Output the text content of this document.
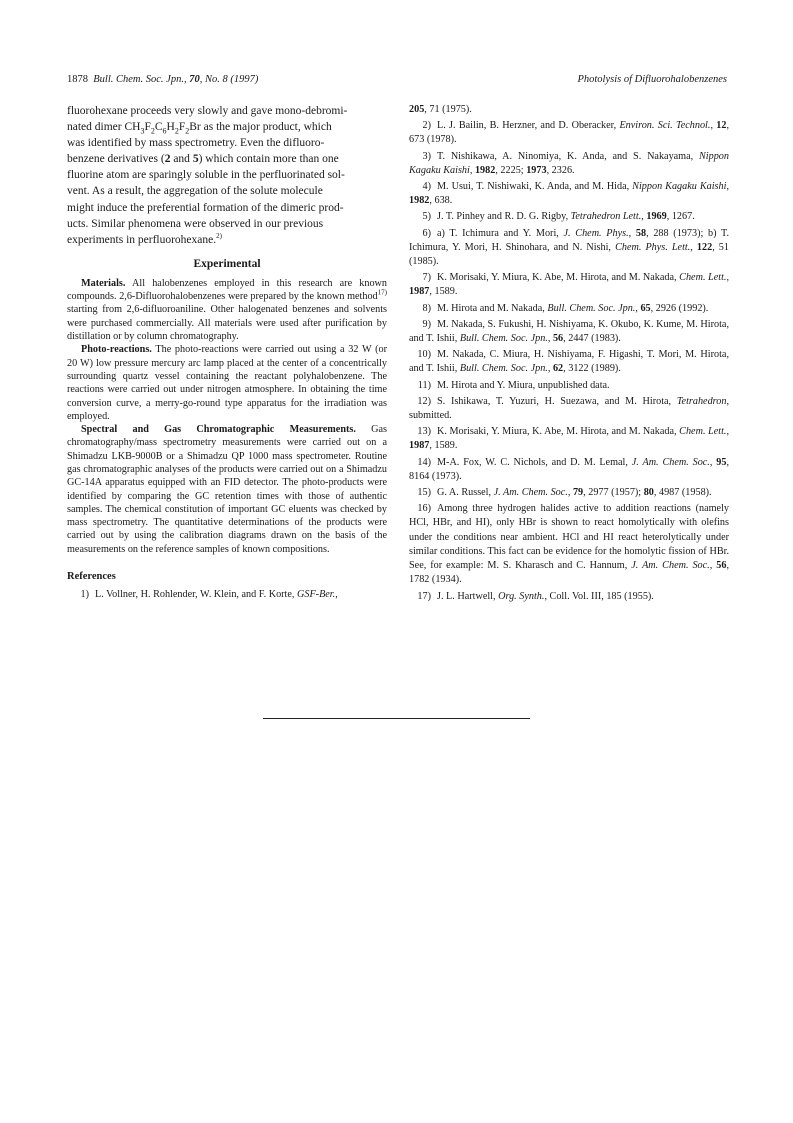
1878 Bull. Chem. Soc. Jpn., 70, No. 8 (1997)	Photolysis of Difluorohalobenzenes

fluorohexane proceeds very slowly and gave mono-debromi-
nated dimer $CH_3F_2C_6H_2F_2Br$ as the major product, which
was identified by mass spectrometry. Even the difluoro-
benzene derivatives (2 and 5) which contain more than one
fluorine atom are sparingly soluble in the perfluorinated sol-
vent. As a result, the aggregation of the solute molecule
might induce the preferential formation of the dimeric prod-
ucts. Similar phenomena were observed in our previous
experiments in perfluorohexane.$^{2)}$

Experimental

Materials. All halobenzenes employed in this research are known compounds. 2,6-Difluorohalobenzenes were prepared by the known method$^{17)}$ starting from 2,6-difluoroaniline. Other halogenated benzenes and solvents were purchased commercially. All materials were used after purification by distillation or by column chromatography.

Photo-reactions. The photo-reactions were carried out using a 32 W (or 20 W) low pressure mercury arc lamp placed at the center of a concentrically surrounding quartz vessel containing the reactant polyhalobenzene. The reactions were carried out under nitrogen atmosphere. In obtaining the time conversion curve, a merry-go-round type apparatus for the irradiation was employed.

Spectral and Gas Chromatographic Measurements. Gas chromatography/mass spectrometry measurements were carried out on a Shimadzu LKB-9000B or a Shimadzu QP 1000 mass spectrometer. Routine gas chromatographic analyses of the products were carried out on a Shimadzu GC-14A apparatus equipped with an FID detector. The photo-products were identified by comparing the GC retention times with those of authentic samples. The chemical constitution of important GC eluents was checked by mass spectrometry. The quantitative determinations of the products were carried out by using the calibration diagrams drawn on the basis of the measurements on the reference samples of known compositions.

References

1) L. Vollner, H. Rohlender, W. Klein, and F. Korte, GSF-Ber.,

205, 71 (1975).

2) L. J. Bailin, B. Herzner, and D. Oberacker, Environ. Sci. Technol., 12, 673 (1978).

3) T. Nishikawa, A. Ninomiya, K. Anda, and S. Nakayama, Nippon Kagaku Kaishi, 1982, 2225; 1973, 2326.

4) M. Usui, T. Nishiwaki, K. Anda, and M. Hida, Nippon Kagaku Kaishi, 1982, 638.

5) J. T. Pinhey and R. D. G. Rigby, Tetrahedron Lett., 1969, 1267.

6) a) T. Ichimura and Y. Mori, J. Chem. Phys., 58, 288 (1973); b) T. Ichimura, Y. Mori, H. Shinohara, and N. Nishi, Chem. Phys. Lett., 122, 51 (1985).

7) K. Morisaki, Y. Miura, K. Abe, M. Hirota, and M. Nakada, Chem. Lett., 1987, 1589.

8) M. Hirota and M. Nakada, Bull. Chem. Soc. Jpn., 65, 2926 (1992).

9) M. Nakada, S. Fukushi, H. Nishiyama, K. Okubo, K. Kume, M. Hirota, and T. Ishii, Bull. Chem. Soc. Jpn., 56, 2447 (1983).

10) M. Nakada, C. Miura, H. Nishiyama, F. Higashi, T. Mori, M. Hirota, and T. Ishii, Bull. Chem. Soc. Jpn., 62, 3122 (1989).

11) M. Hirota and Y. Miura, unpublished data.

12) S. Ishikawa, T. Yuzuri, H. Suezawa, and M. Hirota, Tetrahedron, submitted.

13) K. Morisaki, Y. Miura, K. Abe, M. Hirota, and M. Nakada, Chem. Lett., 1987, 1589.

14) M-A. Fox, W. C. Nichols, and D. M. Lemal, J. Am. Chem. Soc., 95, 8164 (1973).

15) G. A. Russel, J. Am. Chem. Soc., 79, 2977 (1957); 80, 4987 (1958).

16) Among three hydrogen halides active to addition reactions (namely HCl, HBr, and HI), only HBr is shown to react homolytically with olefins under the conditions near ambient. HCl and HI react heterolytically under similar conditions. This fact can be evidence for the homolytic fission of HBr. See, for example: M. S. Kharasch and C. Hannum, J. Am. Chem. Soc., 56, 1782 (1934).

17) J. L. Hartwell, Org. Synth., Coll. Vol. III, 185 (1955).
